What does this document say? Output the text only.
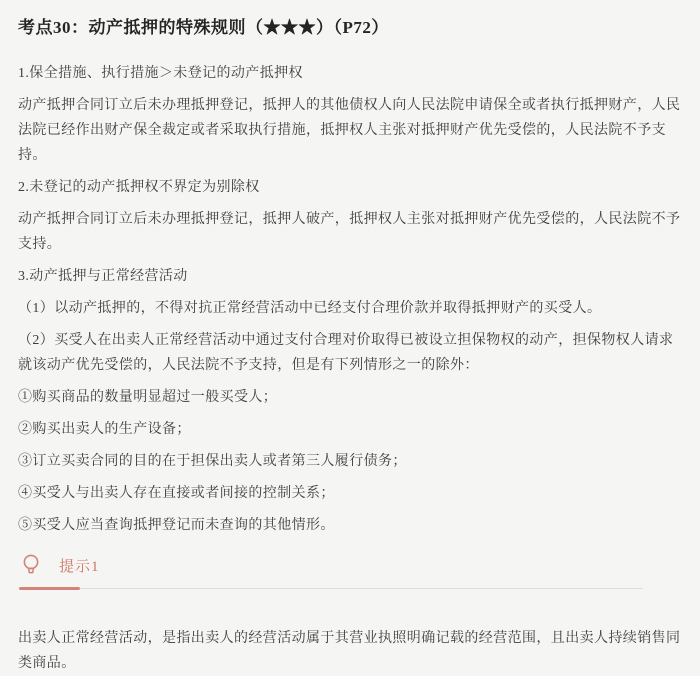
考点30：动产抵押的特殊规则（★★★）（P72）

1.保全措施、执行措施＞未登记的动产抵押权

动产抵押合同订立后未办理抵押登记，抵押人的其他债权人向人民法院申请保全或者执行抵押财产，人民法院已经作出财产保全裁定或者采取执行措施，抵押权人主张对抵押财产优先受偿的，人民法院不予支持。

2.未登记的动产抵押权不界定为别除权

动产抵押合同订立后未办理抵押登记，抵押人破产，抵押权人主张对抵押财产优先受偿的，人民法院不予支持。

3.动产抵押与正常经营活动

（1）以动产抵押的，不得对抗正常经营活动中已经支付合理价款并取得抵押财产的买受人。

（2）买受人在出卖人正常经营活动中通过支付合理对价取得已被设立担保物权的动产，担保物权人请求就该动产优先受偿的，人民法院不予支持，但是有下列情形之一的除外：

①购买商品的数量明显超过一般买受人；

②购买出卖人的生产设备；

③订立买卖合同的目的在于担保出卖人或者第三人履行债务；

④买受人与出卖人存在直接或者间接的控制关系；

⑤买受人应当查询抵押登记而未查询的其他情形。

提示1

出卖人正常经营活动，是指出卖人的经营活动属于其营业执照明确记载的经营范围，且出卖人持续销售同类商品。
